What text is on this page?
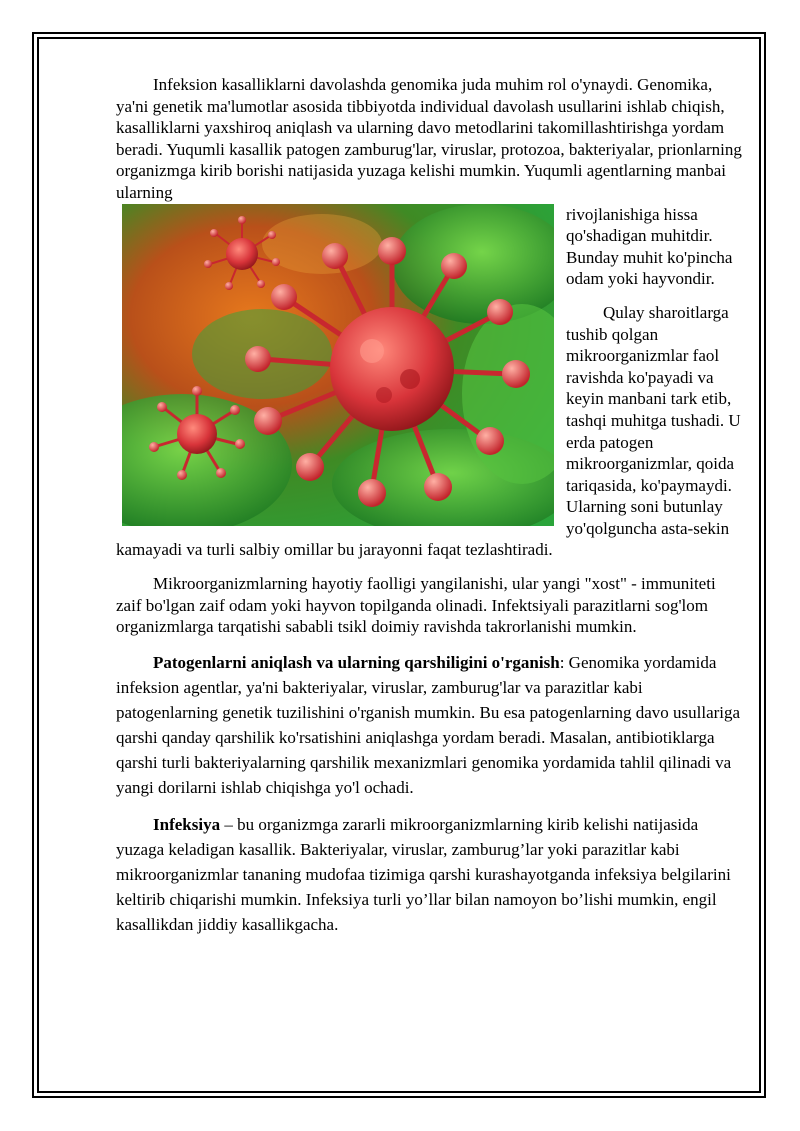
Infeksion kasalliklarni davolashda genomika juda muhim rol o'ynaydi. Genomika, ya'ni genetik ma'lumotlar asosida tibbiyotda individual davolash usullarini ishlab chiqish, kasalliklarni yaxshiroq aniqlash va ularning davo metodlarini takomillashtirishga yordam beradi. Yuqumli kasallik patogen zamburug'lar, viruslar, protozoa, bakteriyalar, prionlarning organizmga kirib borishi natijasida yuzaga kelishi mumkin. Yuqumli agentlarning manbai ularning

rivojlanishiga hissa qo'shadigan muhitdir. Bunday muhit ko'pincha odam yoki hayvondir.

Qulay sharoitlarga tushib qolgan mikroorganizmlar faol ravishda ko'payadi va keyin manbani tark etib, tashqi muhitga tushadi. U erda patogen mikroorganizmlar, qoida tariqasida, ko'paymaydi. Ularning soni butunlay yo'qolguncha asta-sekin kamayadi va turli salbiy omillar bu jarayonni faqat tezlashtiradi.

Mikroorganizmlarning hayotiy faolligi yangilanishi, ular yangi "xost" - immuniteti zaif bo'lgan zaif odam yoki hayvon topilganda olinadi. Infektsiyali parazitlarni sog'lom organizmlarga tarqatishi sababli tsikl doimiy ravishda takrorlanishi mumkin.

Patogenlarni aniqlash va ularning qarshiligini o'rganish: Genomika yordamida infeksion agentlar, ya'ni bakteriyalar, viruslar, zamburug'lar va parazitlar kabi patogenlarning genetik tuzilishini o'rganish mumkin. Bu esa patogenlarning davo usullariga qarshi qanday qarshilik ko'rsatishini aniqlashga yordam beradi. Masalan, antibiotiklarga qarshi turli bakteriyalarning qarshilik mexanizmlari genomika yordamida tahlil qilinadi va yangi dorilarni ishlab chiqishga yo'l ochadi.

Infeksiya – bu organizmga zararli mikroorganizmlarning kirib kelishi natijasida yuzaga keladigan kasallik. Bakteriyalar, viruslar, zamburug’lar yoki parazitlar kabi mikroorganizmlar tananing mudofaa tizimiga qarshi kurashayotganda infeksiya belgilarini keltirib chiqarishi mumkin. Infeksiya turli yo’llar bilan namoyon bo’lishi mumkin, engil kasallikdan jiddiy kasallikgacha.
